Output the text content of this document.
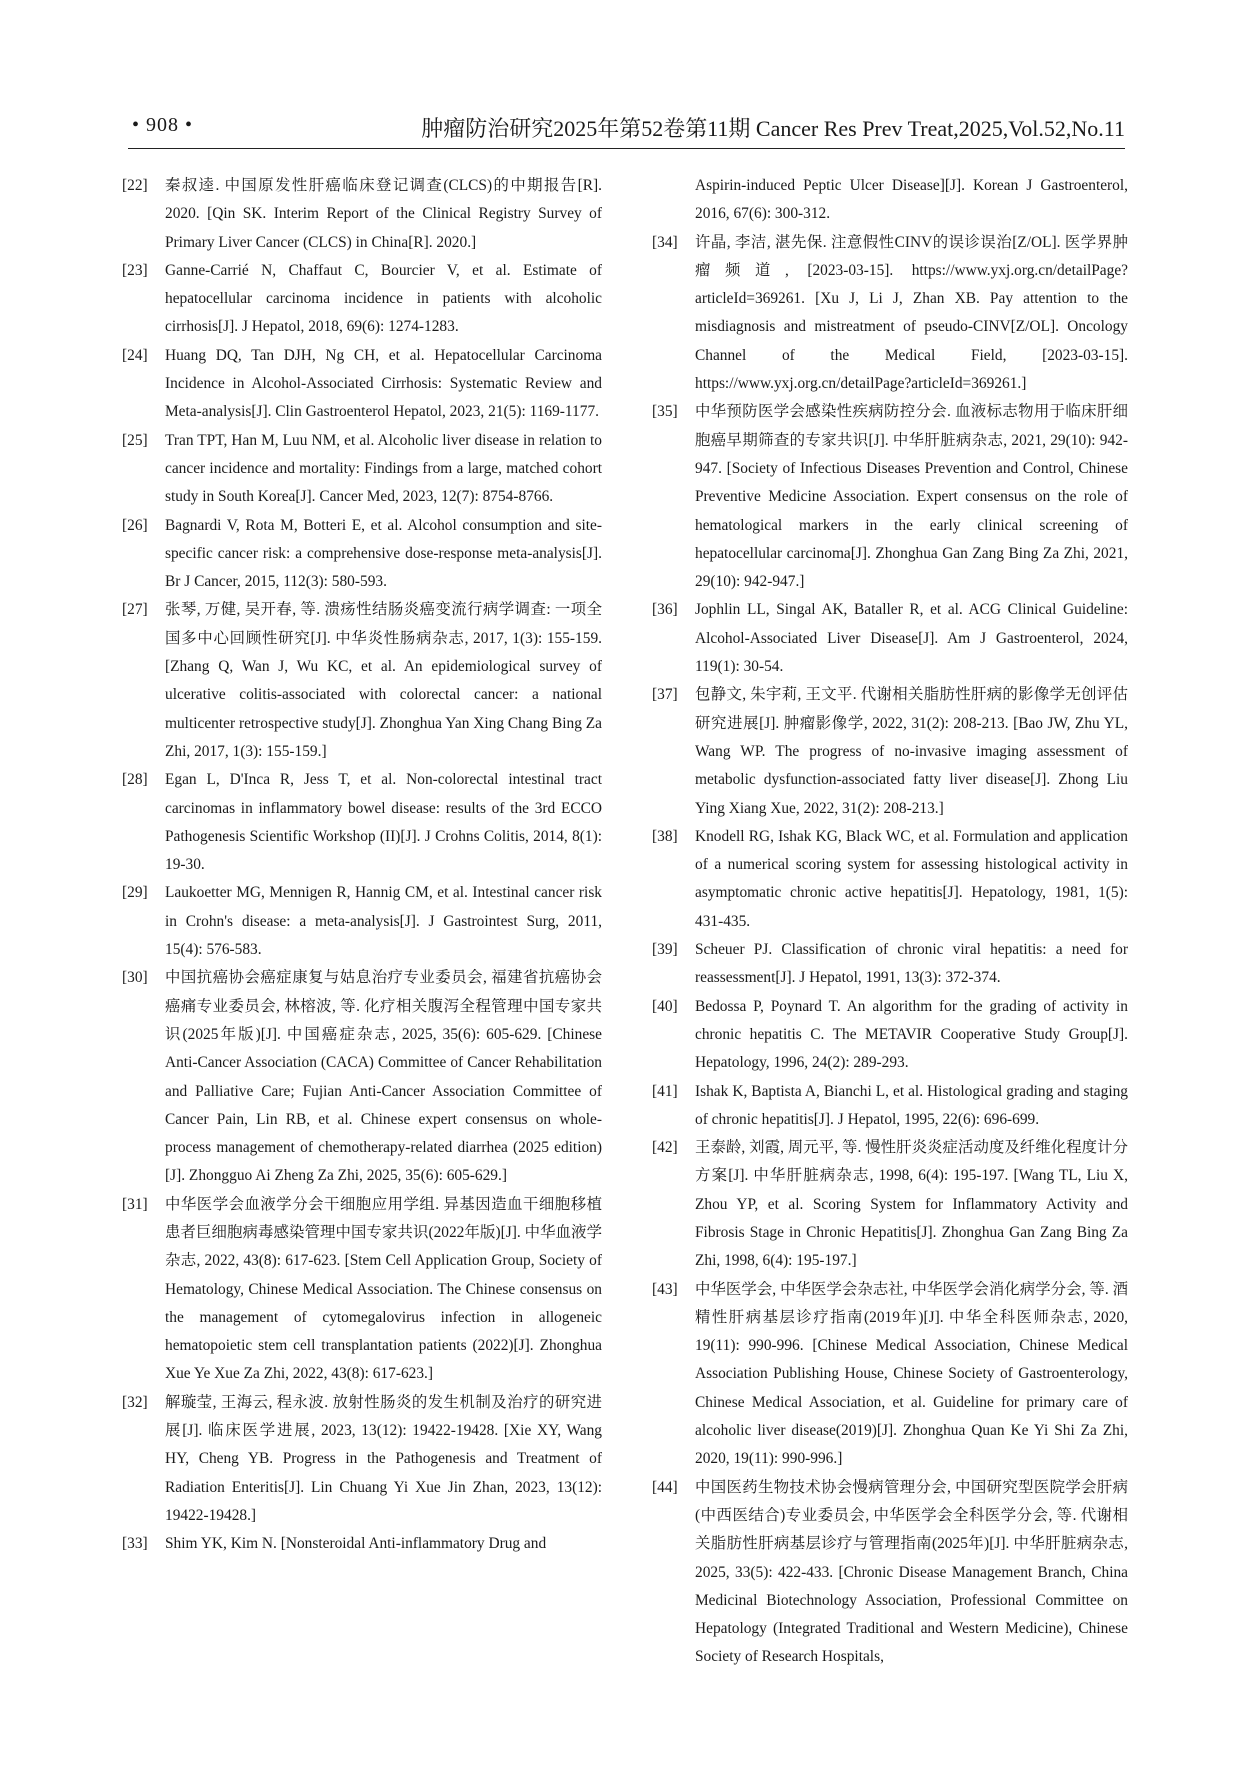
• 908 •	肿瘤防治研究2025年第52卷第11期 Cancer Res Prev Treat,2025,Vol.52,No.11
[22] 秦叔逵. 中国原发性肝癌临床登记调查(CLCS)的中期报告[R]. 2020. [Qin SK. Interim Report of the Clinical Registry Survey of Primary Liver Cancer (CLCS) in China[R]. 2020.]
[23] Ganne-Carrié N, Chaffaut C, Bourcier V, et al. Estimate of hepatocellular carcinoma incidence in patients with alcoholic cirrhosis[J]. J Hepatol, 2018, 69(6): 1274-1283.
[24] Huang DQ, Tan DJH, Ng CH, et al. Hepatocellular Carcinoma Incidence in Alcohol-Associated Cirrhosis: Systematic Review and Meta-analysis[J]. Clin Gastroenterol Hepatol, 2023, 21(5): 1169-1177.
[25] Tran TPT, Han M, Luu NM, et al. Alcoholic liver disease in relation to cancer incidence and mortality: Findings from a large, matched cohort study in South Korea[J]. Cancer Med, 2023, 12(7): 8754-8766.
[26] Bagnardi V, Rota M, Botteri E, et al. Alcohol consumption and site-specific cancer risk: a comprehensive dose-response meta-analysis[J]. Br J Cancer, 2015, 112(3): 580-593.
[27] 张琴, 万健, 吴开春, 等. 溃疡性结肠炎癌变流行病学调查: 一项全国多中心回顾性研究[J]. 中华炎性肠病杂志, 2017, 1(3): 155-159. [Zhang Q, Wan J, Wu KC, et al. An epidemiological survey of ulcerative colitis-associated with colorectal cancer: a national multicenter retrospective study[J]. Zhonghua Yan Xing Chang Bing Za Zhi, 2017, 1(3): 155-159.]
[28] Egan L, D'Inca R, Jess T, et al. Non-colorectal intestinal tract carcinomas in inflammatory bowel disease: results of the 3rd ECCO Pathogenesis Scientific Workshop (II)[J]. J Crohns Colitis, 2014, 8(1): 19-30.
[29] Laukoetter MG, Mennigen R, Hannig CM, et al. Intestinal cancer risk in Crohn's disease: a meta-analysis[J]. J Gastrointest Surg, 2011, 15(4): 576-583.
[30] 中国抗癌协会癌症康复与姑息治疗专业委员会, 福建省抗癌协会癌痛专业委员会, 林榕波, 等. 化疗相关腹泻全程管理中国专家共识(2025年版)[J]. 中国癌症杂志, 2025, 35(6): 605-629. [Chinese Anti-Cancer Association (CACA) Committee of Cancer Rehabilitation and Palliative Care; Fujian Anti-Cancer Association Committee of Cancer Pain, Lin RB, et al. Chinese expert consensus on whole-process management of chemotherapy-related diarrhea (2025 edition)[J]. Zhongguo Ai Zheng Za Zhi, 2025, 35(6): 605-629.]
[31] 中华医学会血液学分会干细胞应用学组. 异基因造血干细胞移植患者巨细胞病毒感染管理中国专家共识(2022年版)[J]. 中华血液学杂志, 2022, 43(8): 617-623. [Stem Cell Application Group, Society of Hematology, Chinese Medical Association. The Chinese consensus on the management of cytomegalovirus infection in allogeneic hematopoietic stem cell transplantation patients (2022)[J]. Zhonghua Xue Ye Xue Za Zhi, 2022, 43(8): 617-623.]
[32] 解璇莹, 王海云, 程永波. 放射性肠炎的发生机制及治疗的研究进展[J]. 临床医学进展, 2023, 13(12): 19422-19428. [Xie XY, Wang HY, Cheng YB. Progress in the Pathogenesis and Treatment of Radiation Enteritis[J]. Lin Chuang Yi Xue Jin Zhan, 2023, 13(12): 19422-19428.]
[33] Shim YK, Kim N. [Nonsteroidal Anti-inflammatory Drug and
Aspirin-induced Peptic Ulcer Disease][J]. Korean J Gastroenterol, 2016, 67(6): 300-312.
[34] 许晶, 李洁, 湛先保. 注意假性CINV的误诊误治[Z/OL]. 医学界肿瘤频道, [2023-03-15]. https://www.yxj.org.cn/detailPage?articleId=369261. [Xu J, Li J, Zhan XB. Pay attention to the misdiagnosis and mistreatment of pseudo-CINV[Z/OL]. Oncology Channel of the Medical Field, [2023-03-15]. https://www.yxj.org.cn/detailPage?articleId=369261.]
[35] 中华预防医学会感染性疾病防控分会. 血液标志物用于临床肝细胞癌早期筛查的专家共识[J]. 中华肝脏病杂志, 2021, 29(10): 942-947. [Society of Infectious Diseases Prevention and Control, Chinese Preventive Medicine Association. Expert consensus on the role of hematological markers in the early clinical screening of hepatocellular carcinoma[J]. Zhonghua Gan Zang Bing Za Zhi, 2021, 29(10): 942-947.]
[36] Jophlin LL, Singal AK, Bataller R, et al. ACG Clinical Guideline: Alcohol-Associated Liver Disease[J]. Am J Gastroenterol, 2024, 119(1): 30-54.
[37] 包静文, 朱宇莉, 王文平. 代谢相关脂肪性肝病的影像学无创评估研究进展[J]. 肿瘤影像学, 2022, 31(2): 208-213. [Bao JW, Zhu YL, Wang WP. The progress of no-invasive imaging assessment of metabolic dysfunction-associated fatty liver disease[J]. Zhong Liu Ying Xiang Xue, 2022, 31(2): 208-213.]
[38] Knodell RG, Ishak KG, Black WC, et al. Formulation and application of a numerical scoring system for assessing histological activity in asymptomatic chronic active hepatitis[J]. Hepatology, 1981, 1(5): 431-435.
[39] Scheuer PJ. Classification of chronic viral hepatitis: a need for reassessment[J]. J Hepatol, 1991, 13(3): 372-374.
[40] Bedossa P, Poynard T. An algorithm for the grading of activity in chronic hepatitis C. The METAVIR Cooperative Study Group[J]. Hepatology, 1996, 24(2): 289-293.
[41] Ishak K, Baptista A, Bianchi L, et al. Histological grading and staging of chronic hepatitis[J]. J Hepatol, 1995, 22(6): 696-699.
[42] 王泰龄, 刘霞, 周元平, 等. 慢性肝炎炎症活动度及纤维化程度计分方案[J]. 中华肝脏病杂志, 1998, 6(4): 195-197. [Wang TL, Liu X, Zhou YP, et al. Scoring System for Inflammatory Activity and Fibrosis Stage in Chronic Hepatitis[J]. Zhonghua Gan Zang Bing Za Zhi, 1998, 6(4): 195-197.]
[43] 中华医学会, 中华医学会杂志社, 中华医学会消化病学分会, 等. 酒精性肝病基层诊疗指南(2019年)[J]. 中华全科医师杂志, 2020, 19(11): 990-996. [Chinese Medical Association, Chinese Medical Association Publishing House, Chinese Society of Gastroenterology, Chinese Medical Association, et al. Guideline for primary care of alcoholic liver disease(2019)[J]. Zhonghua Quan Ke Yi Shi Za Zhi, 2020, 19(11): 990-996.]
[44] 中国医药生物技术协会慢病管理分会, 中国研究型医院学会肝病(中西医结合)专业委员会, 中华医学会全科医学分会, 等. 代谢相关脂肪性肝病基层诊疗与管理指南(2025年)[J]. 中华肝脏病杂志, 2025, 33(5): 422-433. [Chronic Disease Management Branch, China Medicinal Biotechnology Association, Professional Committee on Hepatology (Integrated Traditional and Western Medicine), Chinese Society of Research Hospitals,
